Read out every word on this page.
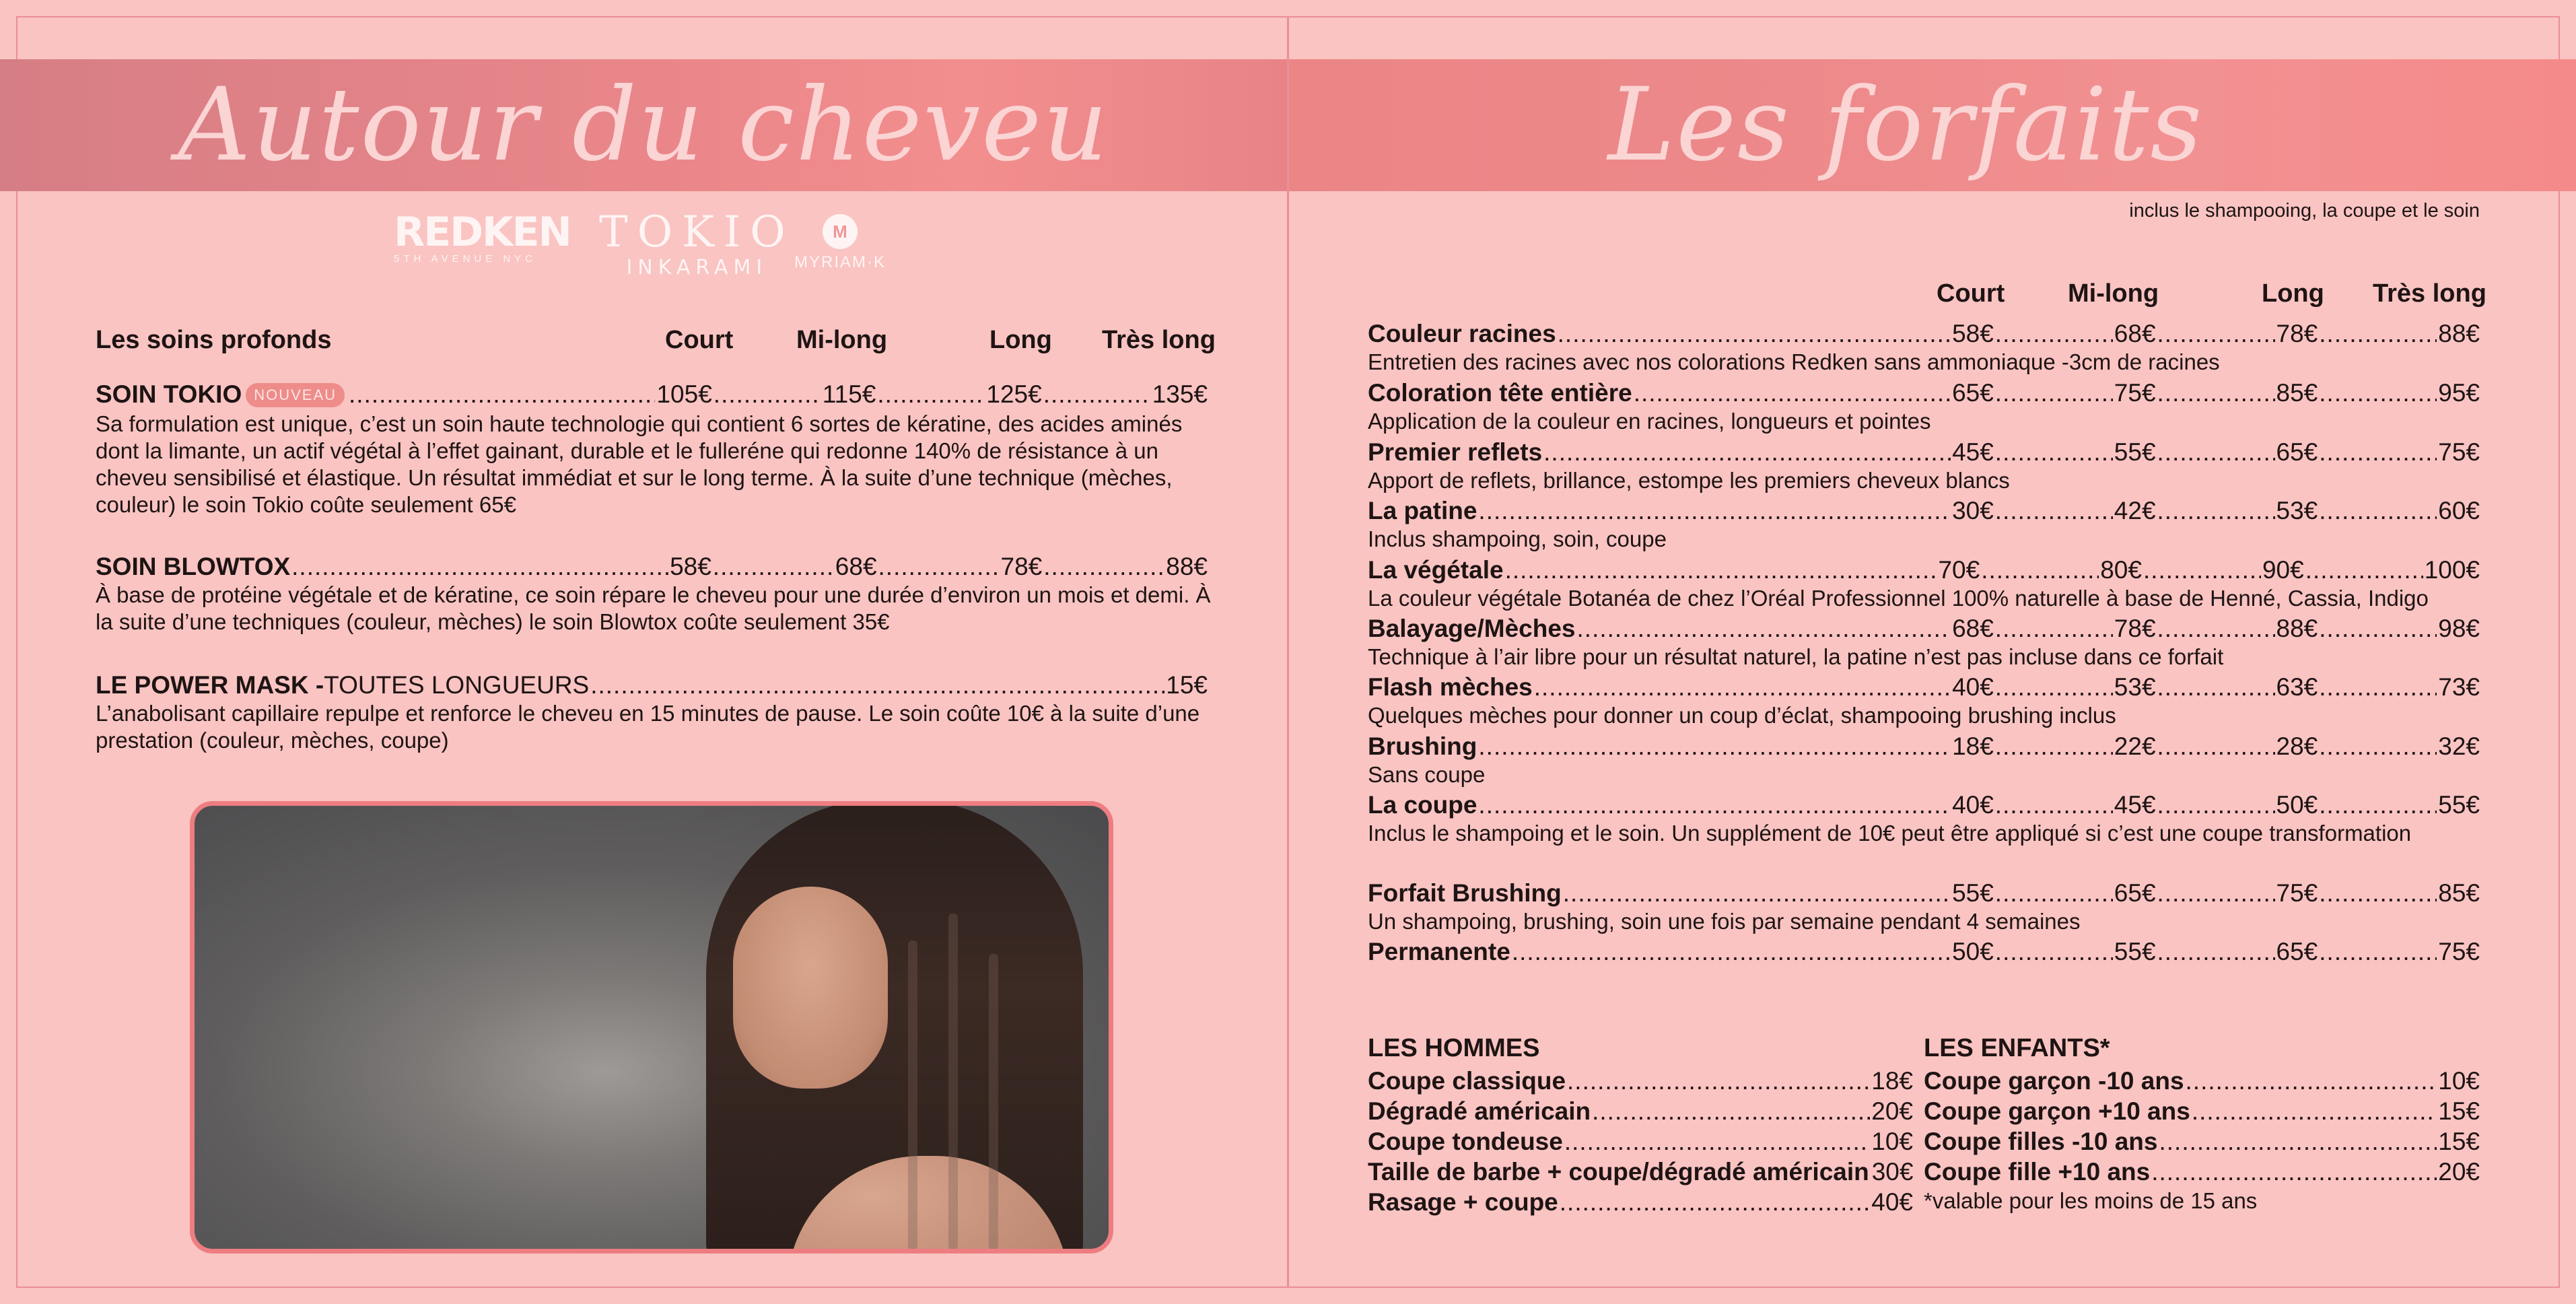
Autour du cheveu
REDKEN
5TH AVENUE NYC
TOKIO
INKARAMI
M
MYRIAM·K
Les soins profonds	Court Mi-long	Long Très long
SOIN TOKIO NOUVEAU .....	105€ .....	115€ .....	125€ .....	135€
Sa formulation est unique, c’est un soin haute technologie qui contient 6 sortes de kératine, des acides aminés dont la limante, un actif végétal à l’effet gainant, durable et le fulleréne qui redonne 140% de résistance à un cheveu sensibilisé et élastique. Un résultat immédiat et sur le long terme. À la suite d’une technique (mèches, couleur) le soin Tokio coûte seulement 65€
SOIN BLOWTOX .....	58€ .....	68€ .....	78€ .....	88€
À base de protéine végétale et de kératine, ce soin répare le cheveu pour une durée d’environ un mois et demi. À la suite d’une techniques (couleur, mèches) le soin Blowtox coûte seulement 35€
LE POWER MASK - TOUTES LONGUEURS .....	15€
L’anabolisant capillaire repulpe et renforce le cheveu en 15 minutes de pause. Le soin coûte 10€ à la suite d’une prestation (couleur, mèches, coupe)
Les forfaits
inclus le shampooing, la coupe et le soin
Court Mi-long	Long Très long
Couleur racines .....	58€ .....	68€ .....	78€ .....	88€
Entretien des racines avec nos colorations Redken sans ammoniaque -3cm de racines
Coloration tête entière .....	65€ .....	75€ .....	85€ .....	95€
Application de la couleur en racines, longueurs et pointes
Premier reflets .....	45€ .....	55€ .....	65€ .....	75€
Apport de reflets, brillance, estompe les premiers cheveux blancs
La patine .....	30€ .....	42€ .....	53€ .....	60€
Inclus shampoing, soin, coupe
La végétale .....	70€ .....	80€ .....	90€ .....	100€
La couleur végétale Botanéa de chez l’Oréal Professionnel 100% naturelle à base de Henné, Cassia, Indigo
Balayage/Mèches .....	68€ .....	78€ .....	88€ .....	98€
Technique à l’air libre pour un résultat naturel, la patine n’est pas incluse dans ce forfait
Flash mèches .....	40€ .....	53€ .....	63€ .....	73€
Quelques mèches pour donner un coup d’éclat, shampooing brushing inclus
Brushing .....	18€ .....	22€ .....	28€ .....	32€
Sans coupe
La coupe .....	40€ .....	45€ .....	50€ .....	55€
Inclus le shampoing et le soin. Un supplément de 10€ peut être appliqué si c’est une coupe transformation
Forfait Brushing .....	55€ .....	65€ .....	75€ .....	85€
Un shampoing, brushing, soin une fois par semaine pendant 4 semaines
Permanente .....	50€ .....	55€ .....	65€ .....	75€
LES HOMMES
Coupe classique .....	18€
Dégradé américain .....	20€
Coupe tondeuse .....	10€
Taille de barbe + coupe/dégradé américain 30€
Rasage + coupe .....	40€
LES ENFANTS*
Coupe garçon -10 ans .....	10€
Coupe garçon +10 ans .....	15€
Coupe filles -10 ans .....	15€
Coupe fille +10 ans .....	20€
*valable pour les moins de 15 ans
